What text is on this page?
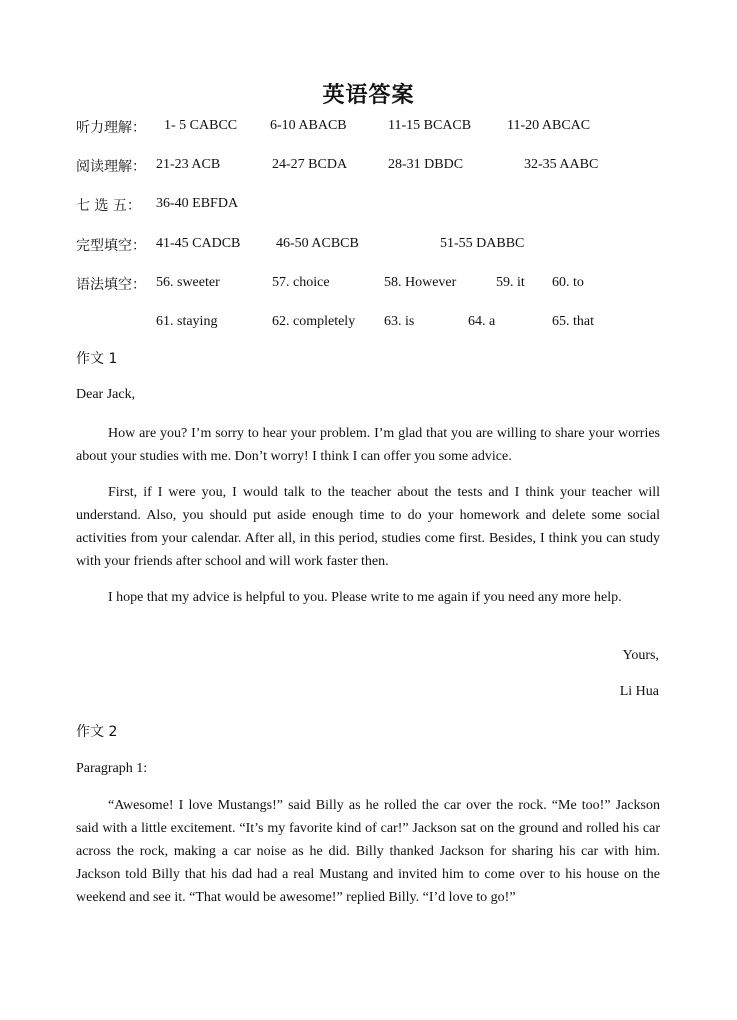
英语答案
听力理解： 1- 5 CABCC 6-10 ABACB	11-15 BCACB	11-20 ABCAC
阅读理解： 21-23 ACB	24-27 BCDA	28-31 DBDC	32-35 AABC
七 选 五： 36-40 EBFDA
完型填空： 41-45 CADCB	46-50 ACBCB	51-55 DABBC
语法填空： 56. sweeter	57. choice	58. However	59. it 60. to
61. staying	62. completely 63. is	64. a	65. that
作文 1
Dear Jack,

How are you? I’m sorry to hear your problem. I’m glad that you are willing to share your worries about your studies with me. Don’t worry! I think I can offer you some advice.

First, if I were you, I would talk to the teacher about the tests and I think your teacher will understand. Also, you should put aside enough time to do your homework and delete some social activities from your calendar. After all, in this period, studies come first. Besides, I think you can study with your friends after school and will work faster then.

I hope that my advice is helpful to you. Please write to me again if you need any more help.

Yours,
Li Hua
作文 2
Paragraph 1:

“Awesome! I love Mustangs!” said Billy as he rolled the car over the rock. “Me too!” Jackson said with a little excitement. “It’s my favorite kind of car!” Jackson sat on the ground and rolled his car across the rock, making a car noise as he did. Billy thanked Jackson for sharing his car with him. Jackson told Billy that his dad had a real Mustang and invited him to come over to his house on the weekend and see it. “That would be awesome!” replied Billy. “I’d love to go!”
